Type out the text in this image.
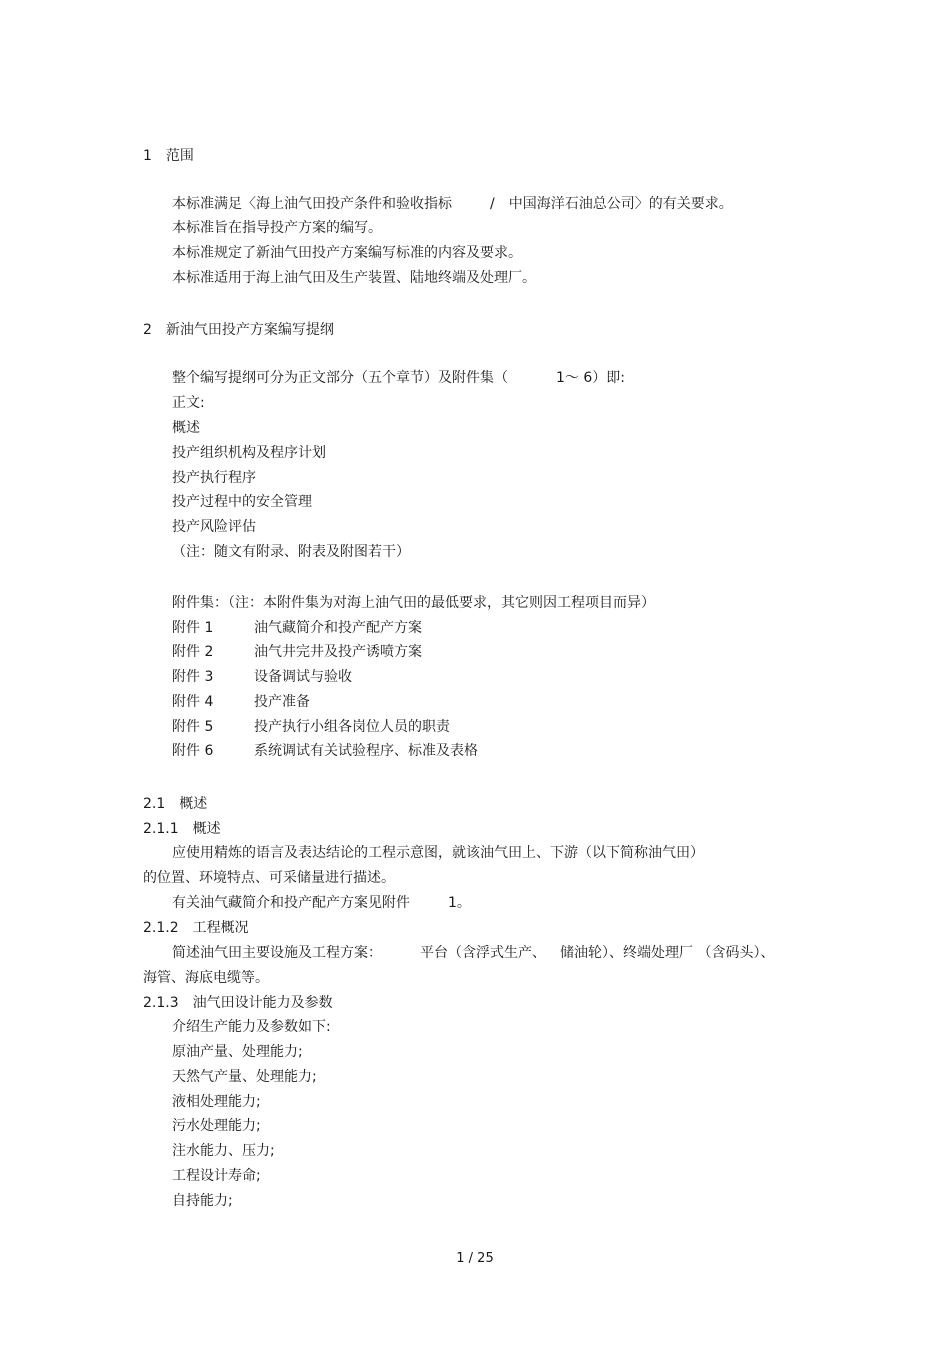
1 范围
本标准满足〈海上油气田投产条件和验收指标	/ 中国海洋石油总公司〉的有关要求。
本标准旨在指导投产方案的编写。
本标准规定了新油气田投产方案编写标准的内容及要求。
本标准适用于海上油气田及生产装置、陆地终端及处理厂。
2 新油气田投产方案编写提纲
整个编写提纲可分为正文部分（五个章节）及附件集（	1～ 6）即:
正文:
概述
投产组织机构及程序计划
投产执行程序
投产过程中的安全管理
投产风险评估
（注：随文有附录、附表及附图若干）
附件集：（注：本附件集为对海上油气田的最低要求，其它则因工程项目而异）
附件 1	油气藏简介和投产配产方案
附件 2	油气井完井及投产诱喷方案
附件 3	设备调试与验收
附件 4	投产准备
附件 5	投产执行小组各岗位人员的职责
附件 6	系统调试有关试验程序、标准及表格
2.1 概述
2.1.1 概述
应使用精炼的语言及表达结论的工程示意图，就该油气田上、下游（以下简称油气田）
的位置、环境特点、可采储量进行描述。
有关油气藏简介和投产配产方案见附件	1。
2.1.2 工程概况
简述油气田主要设施及工程方案：	平台（含浮式生产、 储油轮）、终端处理厂 （含码头）、
海管、海底电缆等。
2.1.3 油气田设计能力及参数
介绍生产能力及参数如下:
原油产量、处理能力;
天然气产量、处理能力;
液相处理能力;
污水处理能力;
注水能力、压力;
工程设计寿命;
自持能力;
1 / 25
